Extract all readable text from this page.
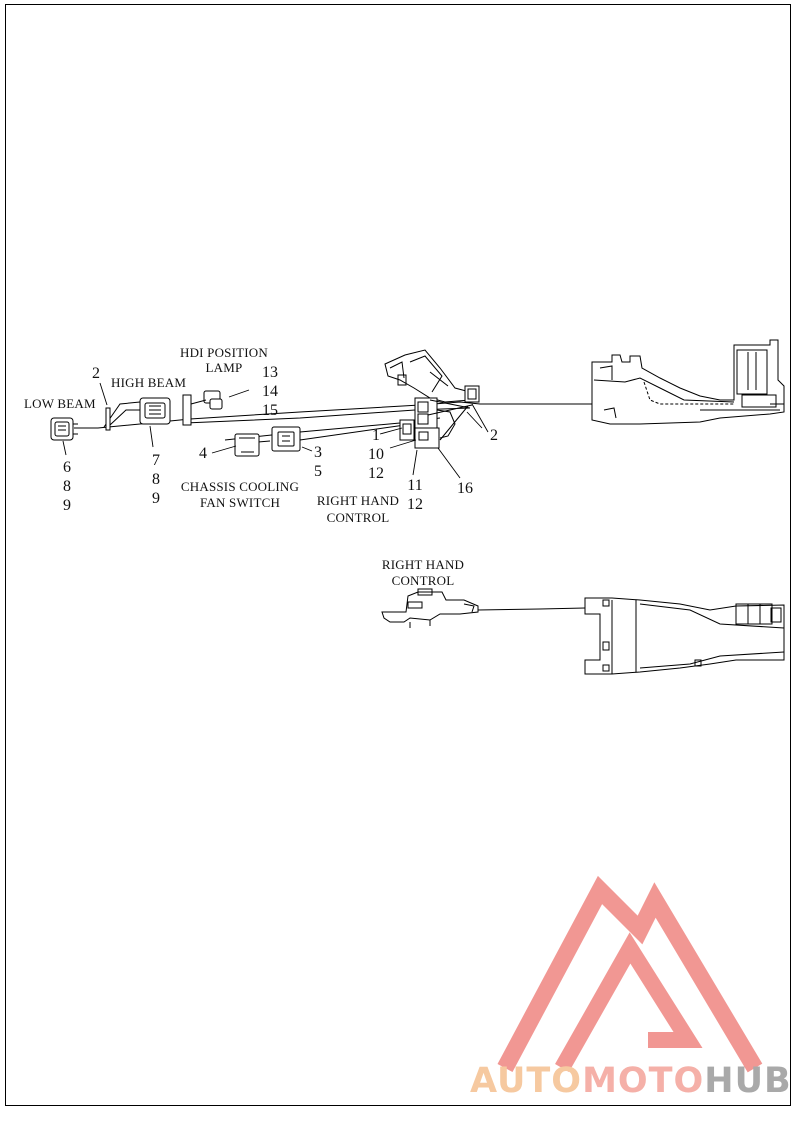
LOW BEAM
HIGH BEAM
HDI POSITION
LAMP
CHASSIS COOLING
FAN SWITCH	RIGHT HAND
CONTROL
RIGHT HAND
CONTROL
2
6
8
9
7
8
9
13
14
15
4	3
5
1
10
12
11
12
2
16
AUTOMOTOHUB
